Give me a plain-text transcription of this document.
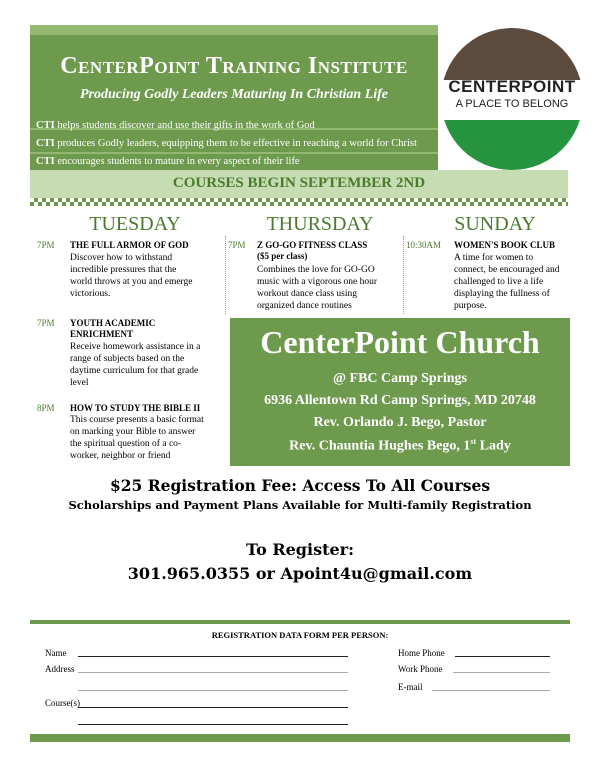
CenterPoint Training Institute
Producing Godly Leaders Maturing In Christian Life
CTI helps students discover and use their gifts in the work of God
CTI produces Godly leaders, equipping them to be effective in reaching a world for Christ
CTI encourages students to mature in every aspect of their life
CENTERPOINT
A PLACE TO BELONG
COURSES BEGIN SEPTEMBER 2ND
TUESDAY	THURSDAY	SUNDAY
7PM THE FULL ARMOR OF GOD
Discover how to withstand
incredible pressures that the
world throws at you and emerge
victorious.
7PM YOUTH ACADEMIC
ENRICHMENT
Receive homework assistance in a
range of subjects based on the
daytime curriculum for that grade
level
8PM HOW TO STUDY THE BIBLE II
This course presents a basic format
on marking your Bible to answer
the spiritual question of a co-
worker, neighbor or friend
7PM Z GO-GO FITNESS CLASS
($5 per class)
Combines the love for GO-GO
music with a vigorous one hour
workout dance class using
organized dance routines
10:30AM WOMEN'S BOOK CLUB
A time for women to
connect, be encouraged and
challenged to live a life
displaying the fullness of
purpose.
CenterPoint Church
@ FBC Camp Springs
6936 Allentown Rd Camp Springs, MD 20748
Rev. Orlando J. Bego, Pastor
Rev. Chauntia Hughes Bego, 1st Lady
$25 Registration Fee: Access To All Courses
Scholarships and Payment Plans Available for Multi-family Registration
To Register:
301.965.0355 or Apoint4u@gmail.com
REGISTRATION DATA FORM PER PERSON:
Name
Address
Course(s)
Home Phone
Work Phone
E-mail
